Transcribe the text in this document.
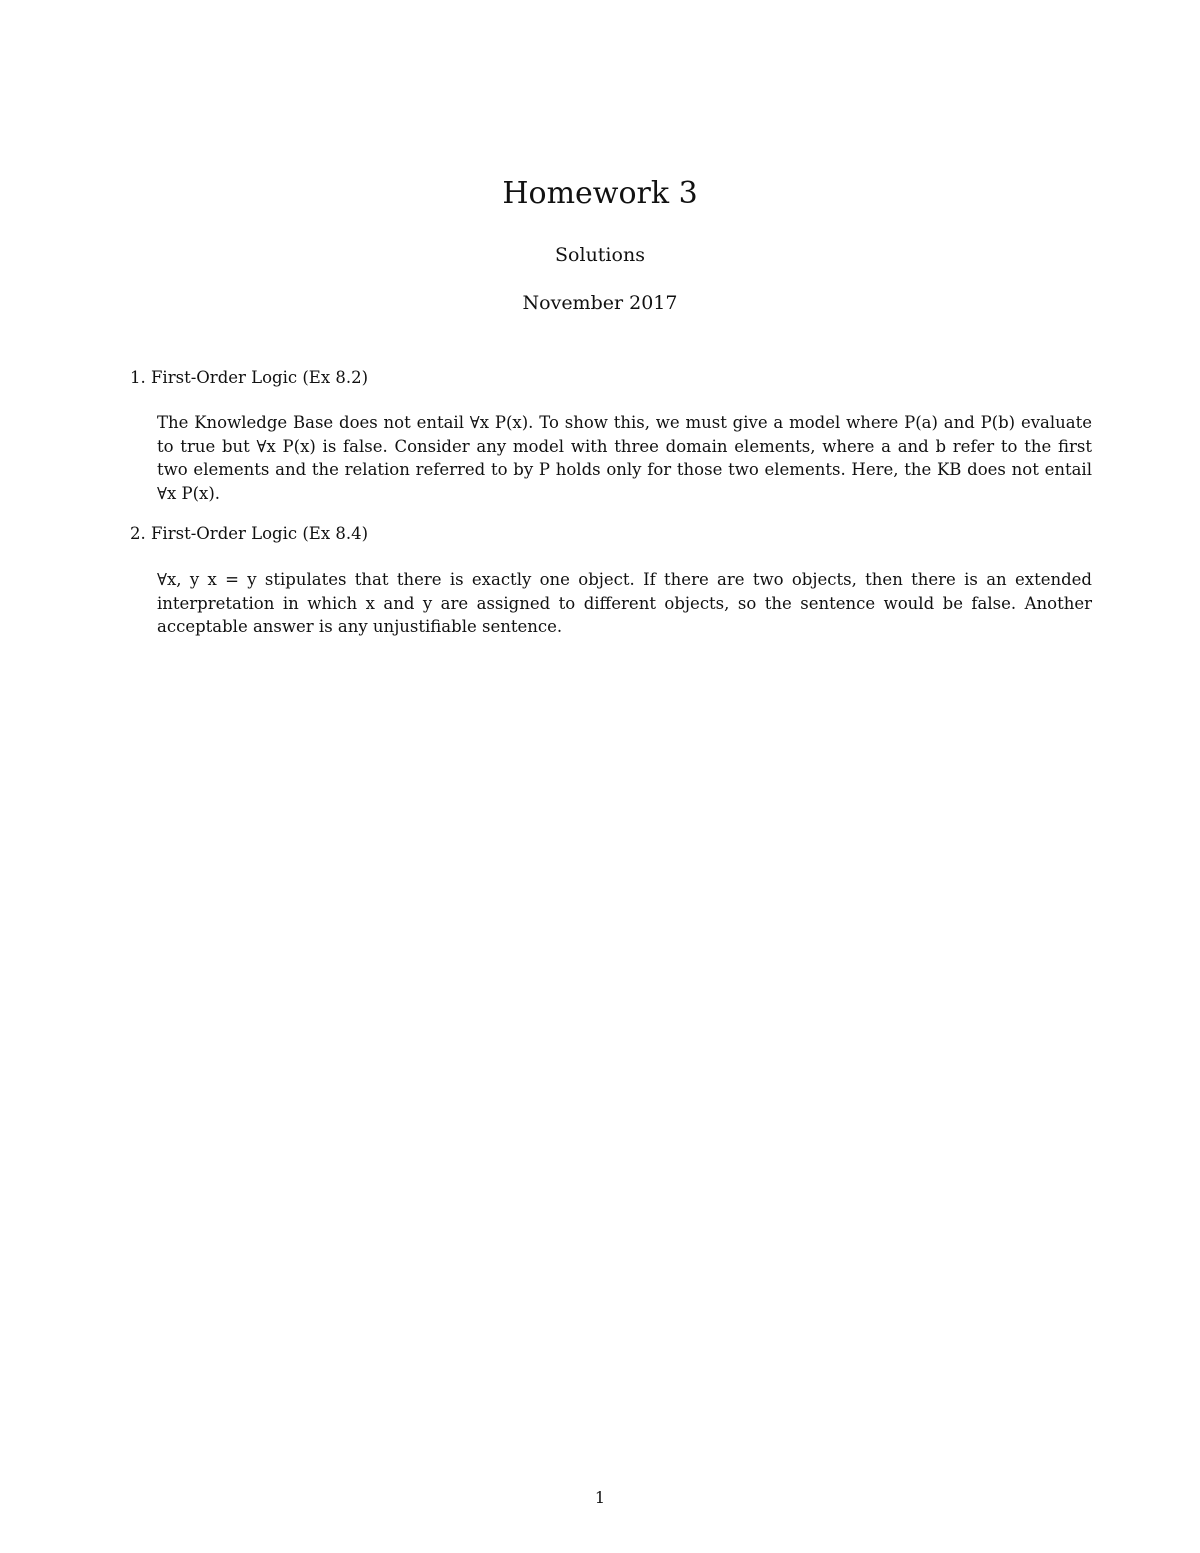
Homework 3
Solutions
November 2017
1. First-Order Logic (Ex 8.2)
The Knowledge Base does not entail ∀x P(x). To show this, we must give a model where P(a) and P(b) evaluate to true but ∀x P(x) is false. Consider any model with three domain elements, where a and b refer to the first two elements and the relation referred to by P holds only for those two elements. Here, the KB does not entail ∀x P(x).
2. First-Order Logic (Ex 8.4)
∀x, y x = y stipulates that there is exactly one object. If there are two objects, then there is an extended interpretation in which x and y are assigned to different objects, so the sentence would be false. Another acceptable answer is any unjustifiable sentence.
1
